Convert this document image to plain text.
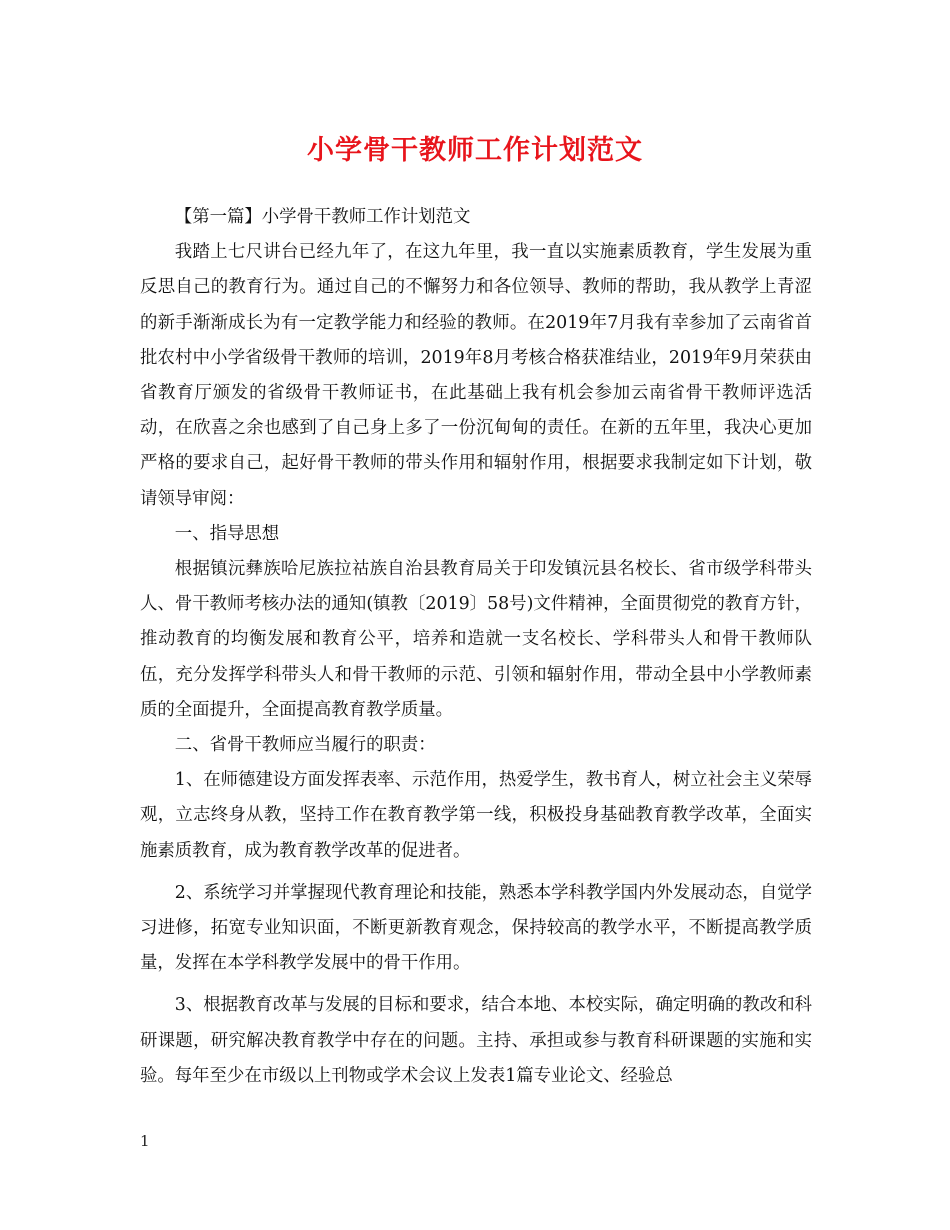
小学骨干教师工作计划范文

【第一篇】小学骨干教师工作计划范文

我踏上七尺讲台已经九年了，在这九年里，我一直以实施素质教育，学生发展为重反思自己的教育行为。通过自己的不懈努力和各位领导、教师的帮助，我从教学上青涩的新手渐渐成长为有一定教学能力和经验的教师。在2019年7月我有幸参加了云南省首批农村中小学省级骨干教师的培训，2019年8月考核合格获准结业，2019年9月荣获由省教育厅颁发的省级骨干教师证书，在此基础上我有机会参加云南省骨干教师评选活动，在欣喜之余也感到了自己身上多了一份沉甸甸的责任。在新的五年里，我决心更加严格的要求自己，起好骨干教师的带头作用和辐射作用，根据要求我制定如下计划，敬请领导审阅：

一、指导思想

根据镇沅彝族哈尼族拉祜族自治县教育局关于印发镇沅县名校长、省市级学科带头人、骨干教师考核办法的通知(镇教〔2019〕58号)文件精神，全面贯彻党的教育方针，推动教育的均衡发展和教育公平，培养和造就一支名校长、学科带头人和骨干教师队伍，充分发挥学科带头人和骨干教师的示范、引领和辐射作用，带动全县中小学教师素质的全面提升，全面提高教育教学质量。

二、省骨干教师应当履行的职责：

1、在师德建设方面发挥表率、示范作用，热爱学生，教书育人，树立社会主义荣辱观，立志终身从教，坚持工作在教育教学第一线，积极投身基础教育教学改革，全面实施素质教育，成为教育教学改革的促进者。

2、系统学习并掌握现代教育理论和技能，熟悉本学科教学国内外发展动态，自觉学习进修，拓宽专业知识面，不断更新教育观念，保持较高的教学水平，不断提高教学质量，发挥在本学科教学发展中的骨干作用。

3、根据教育改革与发展的目标和要求，结合本地、本校实际，确定明确的教改和科研课题，研究解决教育教学中存在的问题。主持、承担或参与教育科研课题的实施和实验。每年至少在市级以上刊物或学术会议上发表1篇专业论文、经验总

1
